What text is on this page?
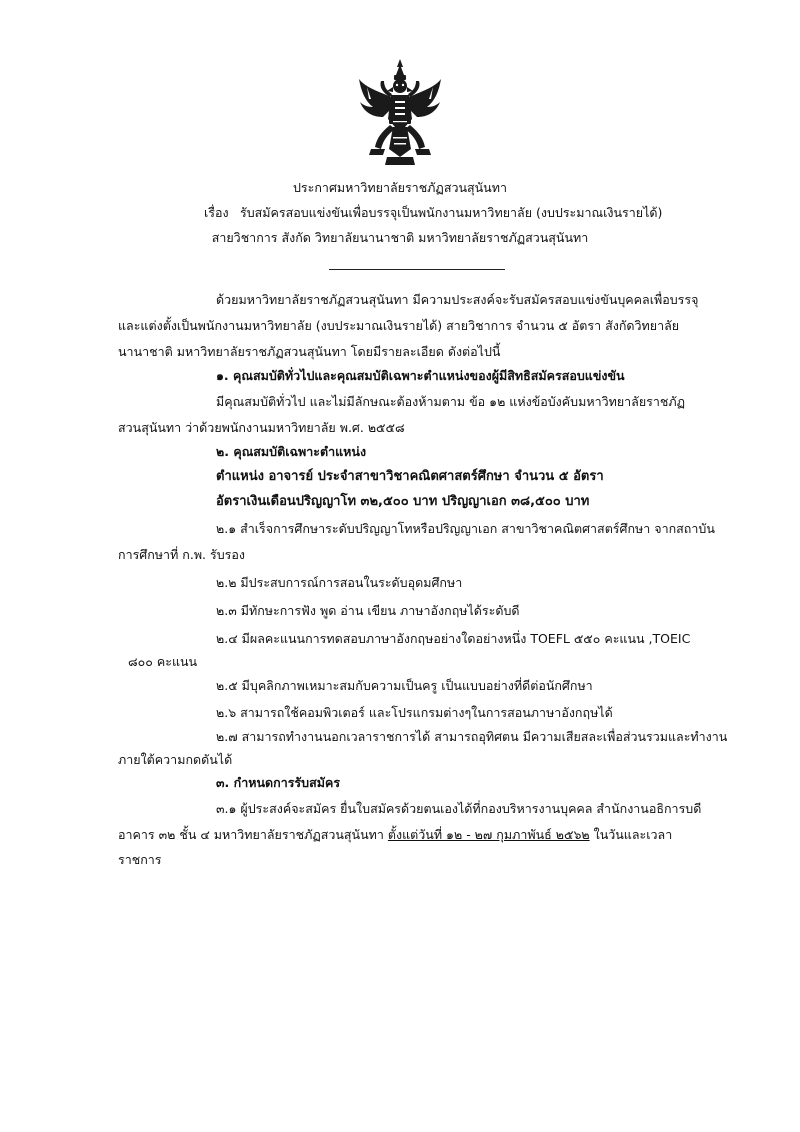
ประกาศมหาวิทยาลัยราชภัฏสวนสุนันทา
เรื่อง รับสมัครสอบแข่งขันเพื่อบรรจุเป็นพนักงานมหาวิทยาลัย (งบประมาณเงินรายได้)
สายวิชาการ สังกัด วิทยาลัยนานาชาติ มหาวิทยาลัยราชภัฏสวนสุนันทา
ด้วยมหาวิทยาลัยราชภัฏสวนสุนันทา มีความประสงค์จะรับสมัครสอบแข่งขันบุคคลเพื่อบรรจุ
และแต่งตั้งเป็นพนักงานมหาวิทยาลัย (งบประมาณเงินรายได้) สายวิชาการ จำนวน ๕ อัตรา สังกัดวิทยาลัย
นานาชาติ มหาวิทยาลัยราชภัฏสวนสุนันทา โดยมีรายละเอียด ดังต่อไปนี้
๑. คุณสมบัติทั่วไปและคุณสมบัติเฉพาะตำแหน่งของผู้มีสิทธิสมัครสอบแข่งขัน
มีคุณสมบัติทั่วไป และไม่มีลักษณะต้องห้ามตาม ข้อ ๑๒ แห่งข้อบังคับมหาวิทยาลัยราชภัฏ
สวนสุนันทา ว่าด้วยพนักงานมหาวิทยาลัย พ.ศ. ๒๕๕๘
๒. คุณสมบัติเฉพาะตำแหน่ง
ตำแหน่ง อาจารย์ ประจำสาขาวิชาคณิตศาสตร์ศึกษา จำนวน ๕ อัตรา
อัตราเงินเดือนปริญญาโท ๓๒,๕๐๐ บาท ปริญญาเอก ๓๘,๕๐๐ บาท
๒.๑ สำเร็จการศึกษาระดับปริญญาโทหรือปริญญาเอก สาขาวิชาคณิตศาสตร์ศึกษา จากสถาบัน
การศึกษาที่ ก.พ. รับรอง
๒.๒ มีประสบการณ์การสอนในระดับอุดมศึกษา
๒.๓ มีทักษะการฟัง พูด อ่าน เขียน ภาษาอังกฤษได้ระดับดี
๒.๔ มีผลคะแนนการทดสอบภาษาอังกฤษอย่างใดอย่างหนึ่ง TOEFL ๕๕๐ คะแนน ,TOEIC
๘๐๐ คะแนน
๒.๕ มีบุคลิกภาพเหมาะสมกับความเป็นครู เป็นแบบอย่างที่ดีต่อนักศึกษา
๒.๖ สามารถใช้คอมพิวเตอร์ และโปรแกรมต่างๆในการสอนภาษาอังกฤษได้
๒.๗ สามารถทำงานนอกเวลาราชการได้ สามารถอุทิศตน มีความเสียสละเพื่อส่วนรวมและทำงาน
ภายใต้ความกดดันได้
๓. กำหนดการรับสมัคร
๓.๑ ผู้ประสงค์จะสมัคร ยื่นใบสมัครด้วยตนเองได้ที่กองบริหารงานบุคคล สำนักงานอธิการบดี
อาคาร ๓๒ ชั้น ๔ มหาวิทยาลัยราชภัฏสวนสุนันทา ตั้งแต่วันที่ ๑๒ - ๒๗ กุมภาพันธ์ ๒๕๖๒ ในวันและเวลา
ราชการ
